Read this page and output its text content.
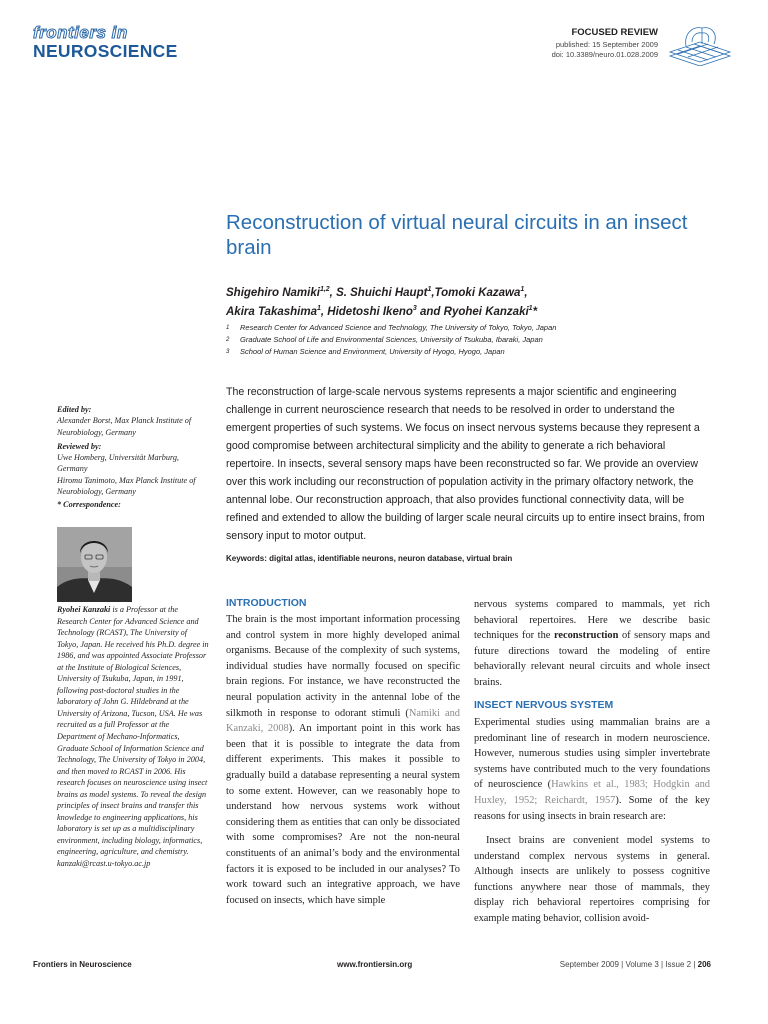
frontiers in
NEUROSCIENCE
FOCUSED REVIEW
published: 15 September 2009
doi: 10.3389/neuro.01.028.2009
Reconstruction of virtual neural circuits in an insect brain
Shigehiro Namiki$^{1,2}$, S. Shuichi Haupt$^1$,Tomoki Kazawa$^1$,
Akira Takashima$^1$, Hidetoshi Ikeno$^3$ and Ryohei Kanzaki$^1$*
1	Research Center for Advanced Science and Technology, The University of Tokyo, Tokyo, Japan
2	Graduate School of Life and Environmental Sciences, University of Tsukuba, Ibaraki, Japan
3	School of Human Science and Environment, University of Hyogo, Hyogo, Japan

The reconstruction of large-scale nervous systems represents a major scientific and engineering challenge in current neuroscience research that needs to be resolved in order to understand the emergent properties of such systems. We focus on insect nervous systems because they represent a good compromise between architectural simplicity and the ability to generate a rich behavioral repertoire. In insects, several sensory maps have been reconstructed so far. We provide an overview over this work including our reconstruction of population activity in the primary olfactory network, the antennal lobe. Our reconstruction approach, that also provides functional connectivity data, will be refined and extended to allow the building of larger scale neural circuits up to entire insect brains, from sensory input to motor output.

Keywords: digital atlas, identifiable neurons, neuron database, virtual brain
Edited by:
Alexander Borst, Max Planck Institute of Neurobiology, Germany
Reviewed by:
Uwe Homberg, Universität Marburg, Germany
Hiromu Tanimoto, Max Planck Institute of Neurobiology, Germany
* Correspondence:
Ryohei Kanzaki is a Professor at the Research Center for Advanced Science and Technology (RCAST), The University of Tokyo, Japan. He received his Ph.D. degree in 1986, and was appointed Associate Professor at the Institute of Biological Sciences, University of Tsukuba, Japan, in 1991, following post-doctoral studies in the laboratory of John G. Hildebrand at the University of Arizona, Tucson, USA. He was recruited as a full Professor at the Department of Mechano-Informatics, Graduate School of Information Science and Technology, The University of Tokyo in 2004, and then moved to RCAST in 2006. His research focuses on neuroscience using insect brains as model systems. To reveal the design principles of insect brains and transfer this knowledge to engineering applications, his laboratory is set up as a multidisciplinary environment, including biology, informatics, engineering, agriculture, and chemistry.
kanzaki@rcast.u-tokyo.ac.jp
INTRODUCTION

The brain is the most important information processing and control system in more highly developed animal organisms. Because of the complexity of such systems, individual studies have normally focused on specific brain regions. For instance, we have reconstructed the neural population activity in the antennal lobe of the silkmoth in response to odorant stimuli (Namiki and Kanzaki, 2008). An important point in this work has been that it is possible to integrate the data from different experiments. This makes it possible to gradually build a database representing a neural system to some extent. However, can we reasonably hope to understand how nervous systems work without considering them as entities that can only be dissociated with some compromises? Are not the non-neural constituents of an animal’s body and the environmental factors it is exposed to be included in our analyses? To work toward such an integrative approach, we have focused on insects, which have simple

nervous systems compared to mammals, yet rich behavioral repertoires. Here we describe basic techniques for the reconstruction of sensory maps and future directions toward the modeling of entire behaviorally relevant neural circuits and whole insect brains.

INSECT NERVOUS SYSTEM

Experimental studies using mammalian brains are a predominant line of research in modern neuroscience. However, numerous studies using simpler invertebrate systems have contributed much to the very foundations of neuroscience (Hawkins et al., 1983; Hodgkin and Huxley, 1952; Reichardt, 1957). Some of the key reasons for using insects in brain research are:

Insect brains are convenient model systems to understand complex nervous systems in general. Although insects are unlikely to possess cognitive functions anywhere near those of mammals, they display rich behavioral repertoires comprising for example mating behavior, collision avoid-

Frontiers in Neuroscience	www.frontiersin.org	September 2009 | Volume 3 | Issue 2 | 206
